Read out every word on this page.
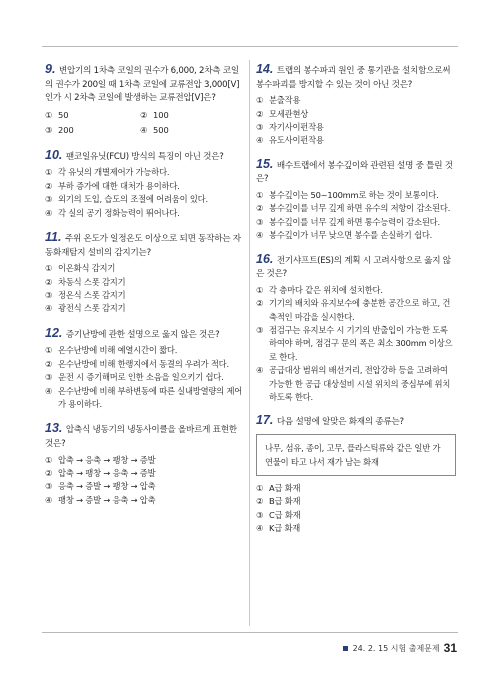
9. 변압기의 1차측 코일의 권수가 6,000, 2차측 코일의 권수가 200일 때 1차측 코일에 교류전압 3,000[V] 인가 시 2차측 코일에 발생하는 교류전압[V]은?
① 50	② 100
③ 200	④ 500
10. 팬코일유닛(FCU) 방식의 특징이 아닌 것은?
① 각 유닛의 개별제어가 가능하다.
② 부하 증가에 대한 대처가 용이하다.
③ 외기의 도입, 습도의 조절에 어려움이 있다.
④ 각 실의 공기 정화능력이 뛰어나다.
11. 주위 온도가 일정온도 이상으로 되면 동작하는 자동화재탐지 설비의 감지기는?
① 이온화식 감지기
② 차동식 스폿 감지기
③ 정온식 스폿 감지기
④ 광전식 스폿 감지기
12. 증기난방에 관한 설명으로 옳지 않은 것은?
① 온수난방에 비해 예열시간이 짧다.
② 온수난방에 비해 한랭지에서 동결의 우려가 적다.
③ 운전 시 증기해머로 인한 소음을 일으키기 쉽다.
④ 온수난방에 비해 부하변동에 따른 실내방열량의 제어가 용이하다.
13. 압축식 냉동기의 냉동사이클을 올바르게 표현한 것은?
① 압축 → 응축 → 팽창 → 증발
② 압축 → 팽창 → 응축 → 증발
③ 응축 → 증발 → 팽창 → 압축
④ 팽창 → 증발 → 응축 → 압축
14. 트랩의 봉수파괴 원인 중 통기관을 설치함으로써 봉수파괴를 방지할 수 있는 것이 아닌 것은?
① 분출작용
② 모세관현상
③ 자기사이펀작용
④ 유도사이펀작용
15. 배수트랩에서 봉수깊이와 관련된 설명 중 틀린 것은?
① 봉수깊이는 50~100mm로 하는 것이 보통이다.
② 봉수깊이를 너무 깊게 하면 유수의 저항이 감소된다.
③ 봉수깊이를 너무 깊게 하면 통수능력이 감소된다.
④ 봉수깊이가 너무 낮으면 봉수를 손실하기 쉽다.
16. 전기샤프트(ES)의 계획 시 고려사항으로 옳지 않은 것은?
① 각 층마다 같은 위치에 설치한다.
② 기기의 배치와 유지보수에 충분한 공간으로 하고, 건축적인 마감을 실시한다.
③ 점검구는 유지보수 시 기기의 반출입이 가능한 도록 하여야 하며, 점검구 문의 폭은 최소 300mm 이상으로 한다.
④ 공급대상 범위의 배선거리, 전압강하 등을 고려하여 가능한 한 공급 대상설비 시설 위치의 중심부에 위치하도록 한다.
17. 다음 설명에 알맞은 화재의 종류는?
나무, 섬유, 종이, 고무, 플라스틱류와 같은 일반 가연물이 타고 나서 재가 남는 화재
① A급 화재
② B급 화재
③ C급 화재
④ K급 화재
24. 2. 15 시험 출제문제 31
